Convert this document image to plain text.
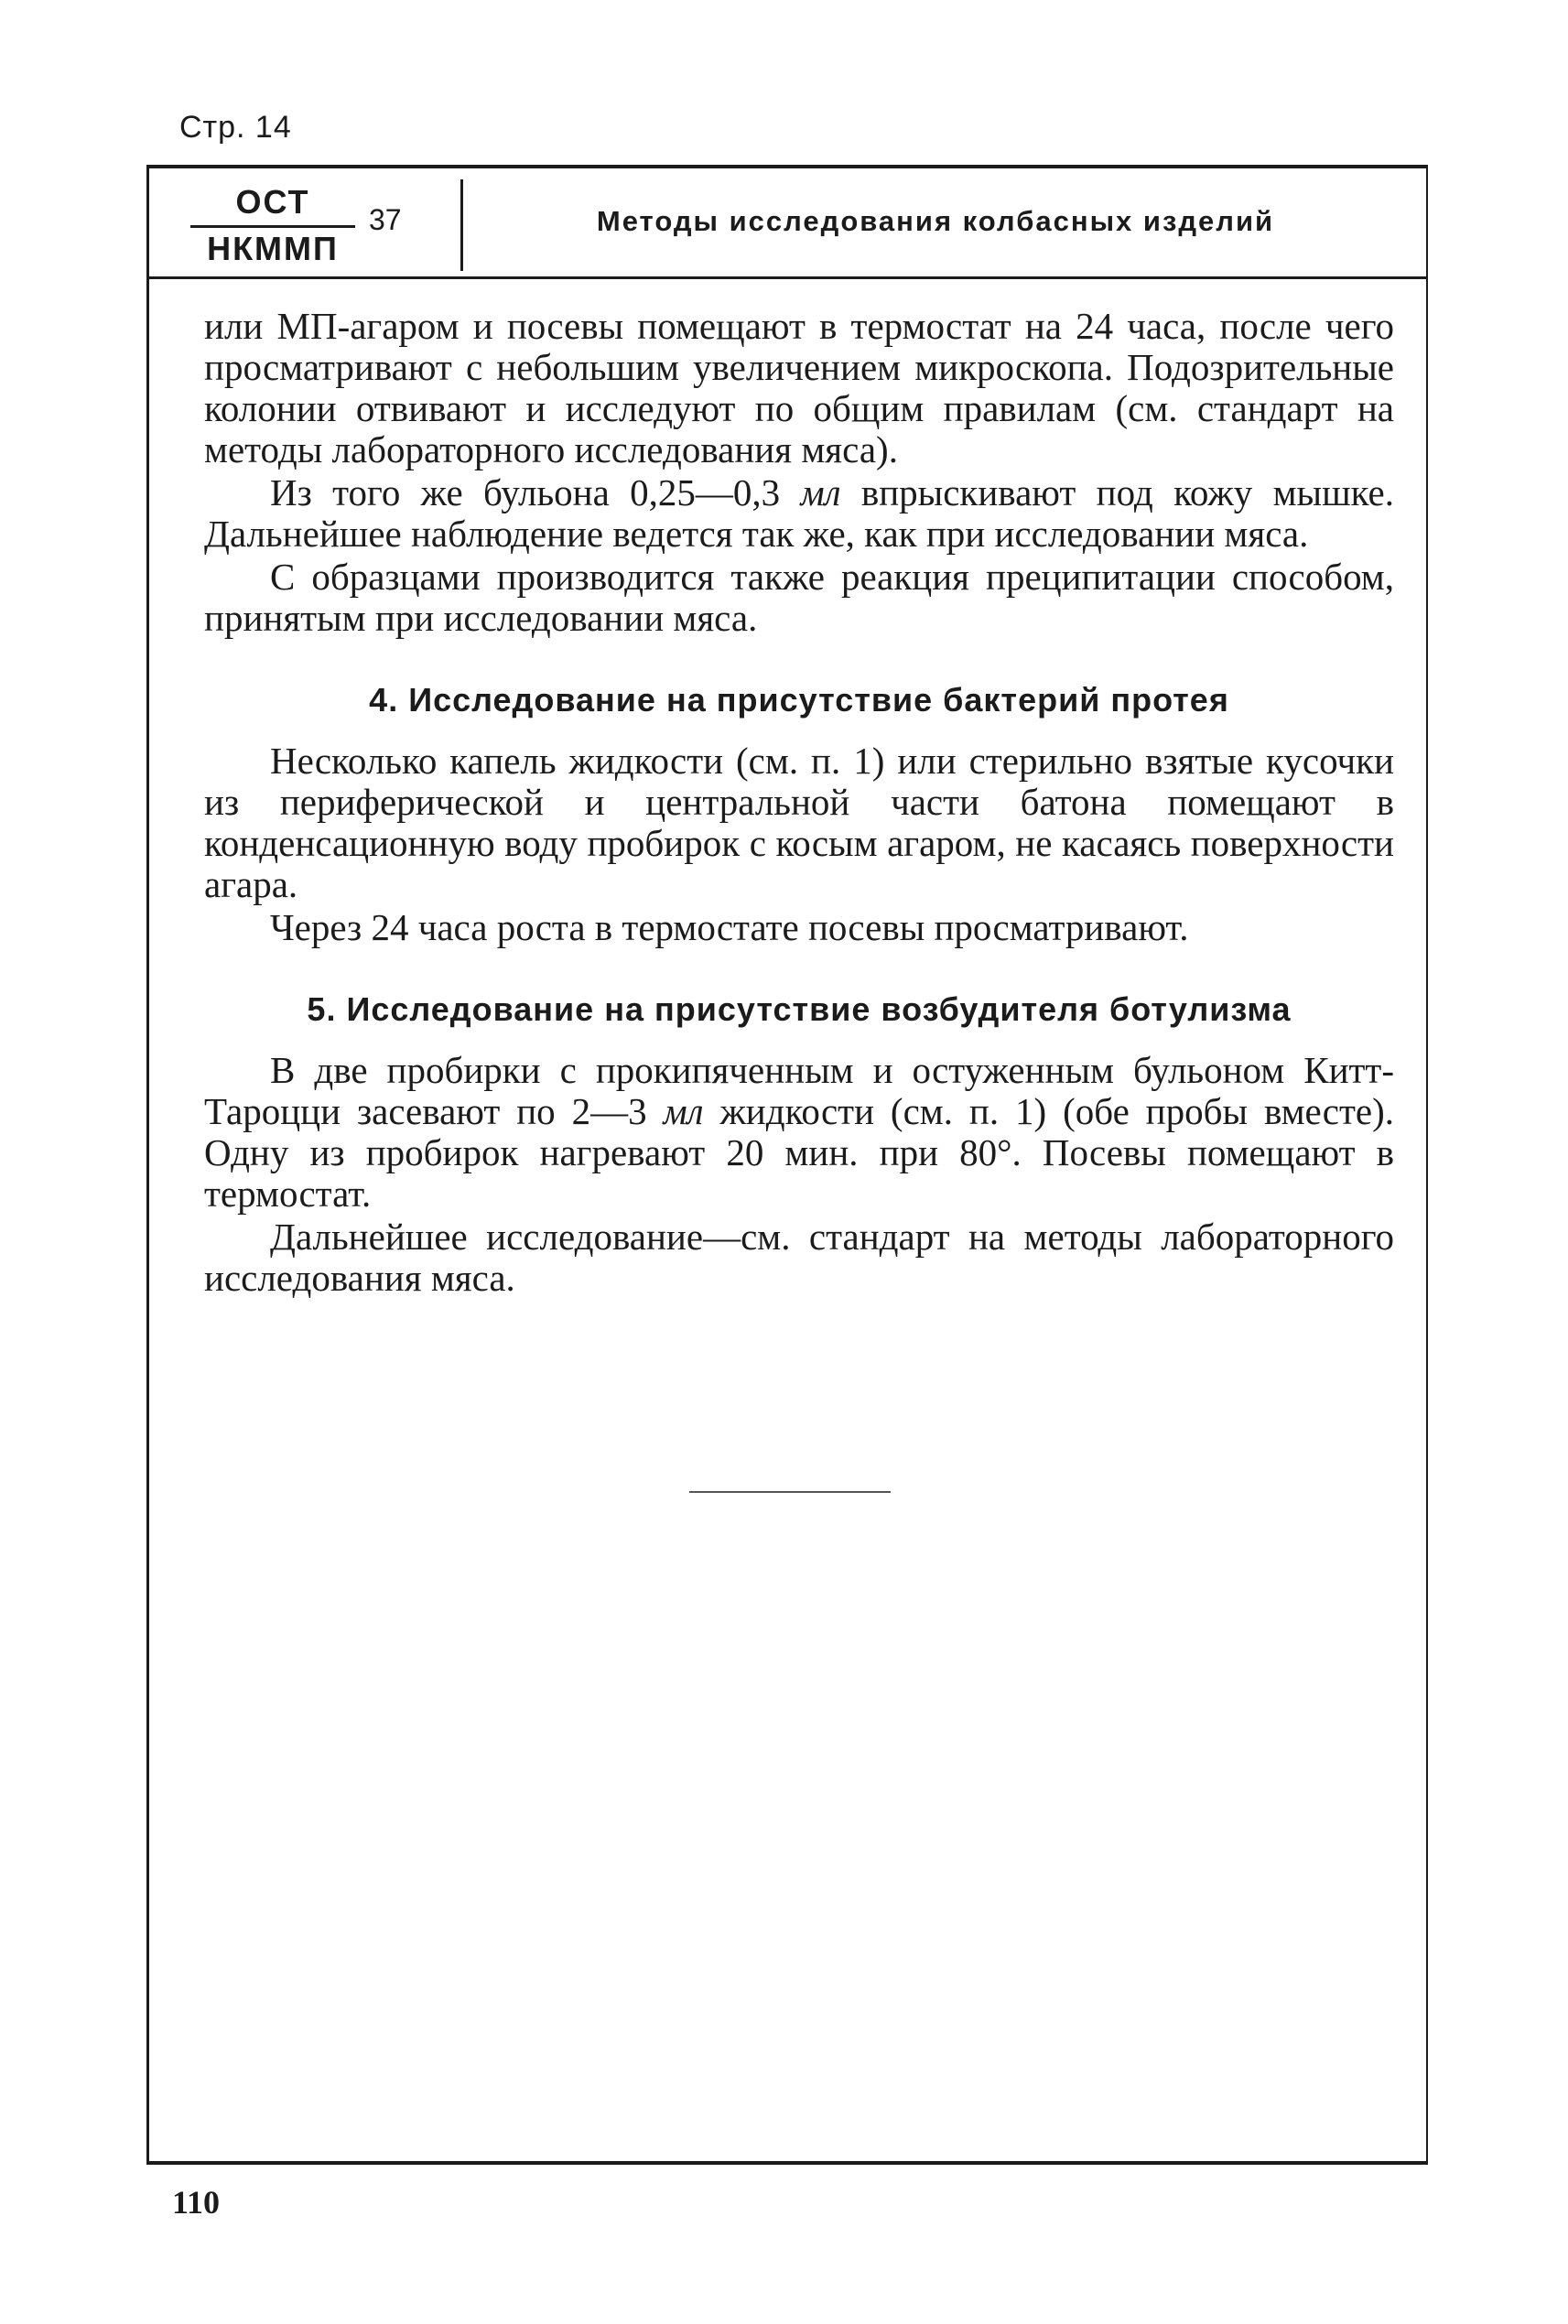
Стр. 14
ОСТ
НКММП
37	Методы исследования колбасных изделий

или МП-агаром и посевы помещают в термостат на 24 часа, после чего просматривают с небольшим увеличением микроскопа. Подозрительные колонии отвивают и исследуют по общим правилам (см. стандарт на методы лабораторного исследования мяса).

Из того же бульона 0,25—0,3 мл впрыскивают под кожу мышке. Дальнейшее наблюдение ведется так же, как при исследовании мяса.

С образцами производится также реакция преципитации способом, принятым при исследовании мяса.

4. Исследование на присутствие бактерий протея

Несколько капель жидкости (см. п. 1) или стерильно взятые кусочки из периферической и центральной части батона помещают в конденсационную воду пробирок с косым агаром, не касаясь поверхности агара.

Через 24 часа роста в термостате посевы просматривают.

5. Исследование на присутствие возбудителя ботулизма

В две пробирки с прокипяченным и остуженным бульоном Китт-Тароцци засевают по 2—3 мл жидкости (см. п. 1) (обе пробы вместе). Одну из пробирок нагревают 20 мин. при 80°. Посевы помещают в термостат.

Дальнейшее исследование—см. стандарт на методы лабораторного исследования мяса.

110
